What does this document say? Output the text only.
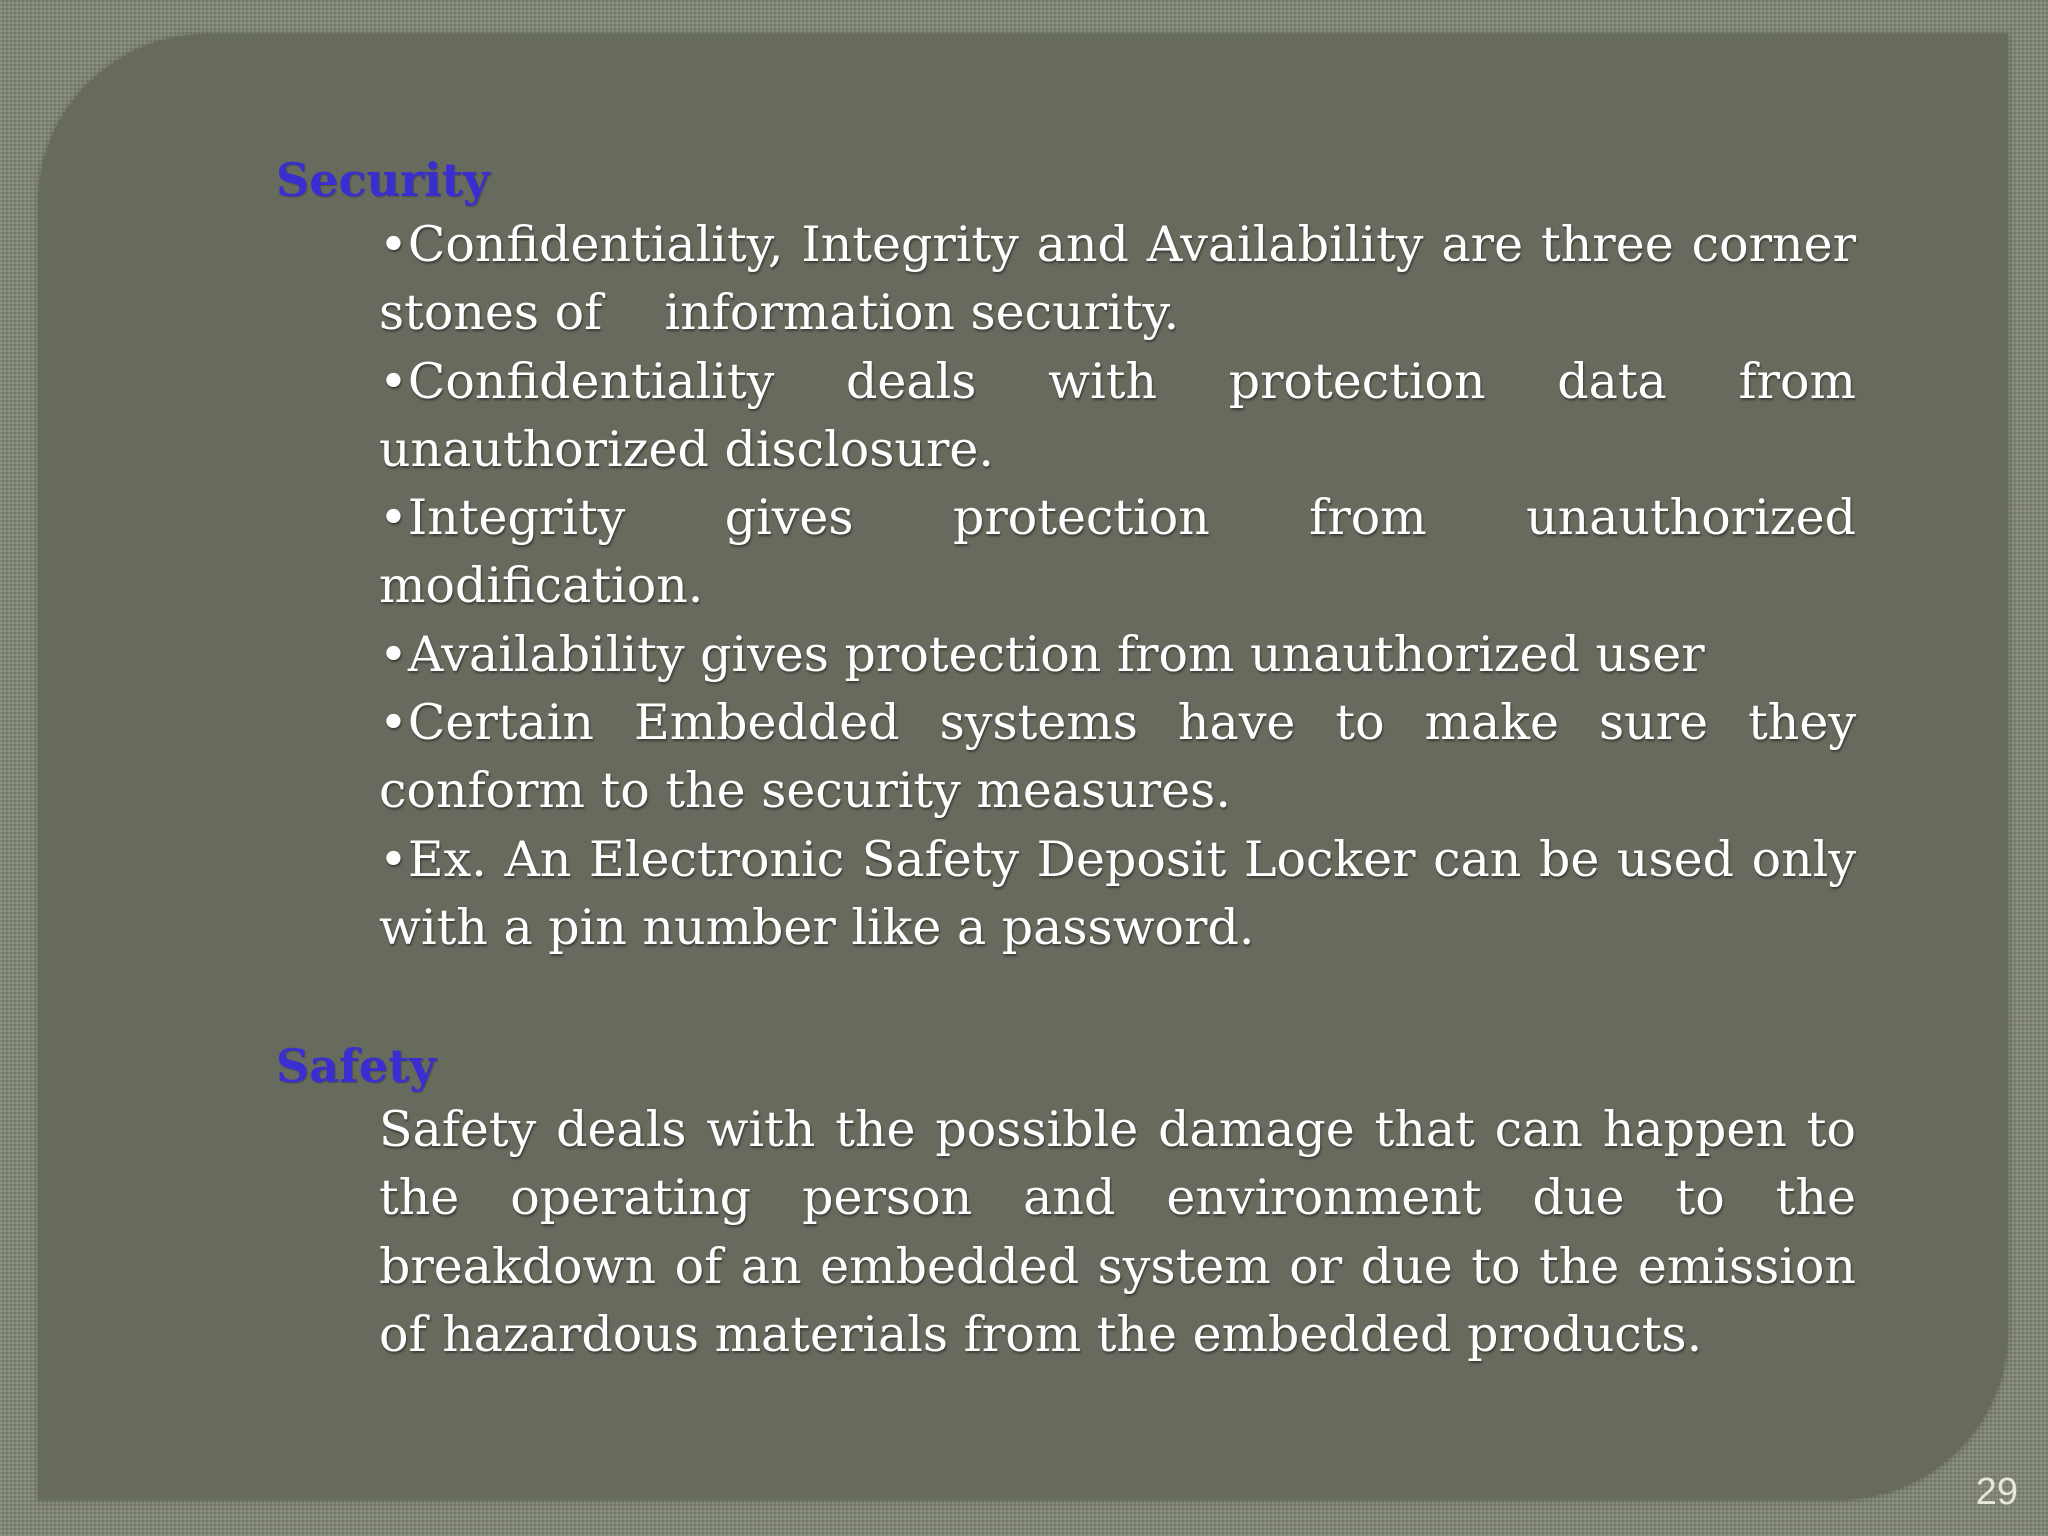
Security

•Confidentiality, Integrity and Availability are three corner stones of    information security.

•Confidentiality deals with protection data from unauthorized disclosure.

•Integrity gives protection from unauthorized modification.

•Availability gives protection from unauthorized user

•Certain Embedded systems have to make sure they conform to the security measures.

•Ex. An Electronic Safety Deposit Locker can be used only with a pin number like a password.

Safety

Safety deals with the possible damage that can happen to the operating person and environment due to the breakdown of an embedded system or due to the emission of hazardous materials from the embedded products.

29
